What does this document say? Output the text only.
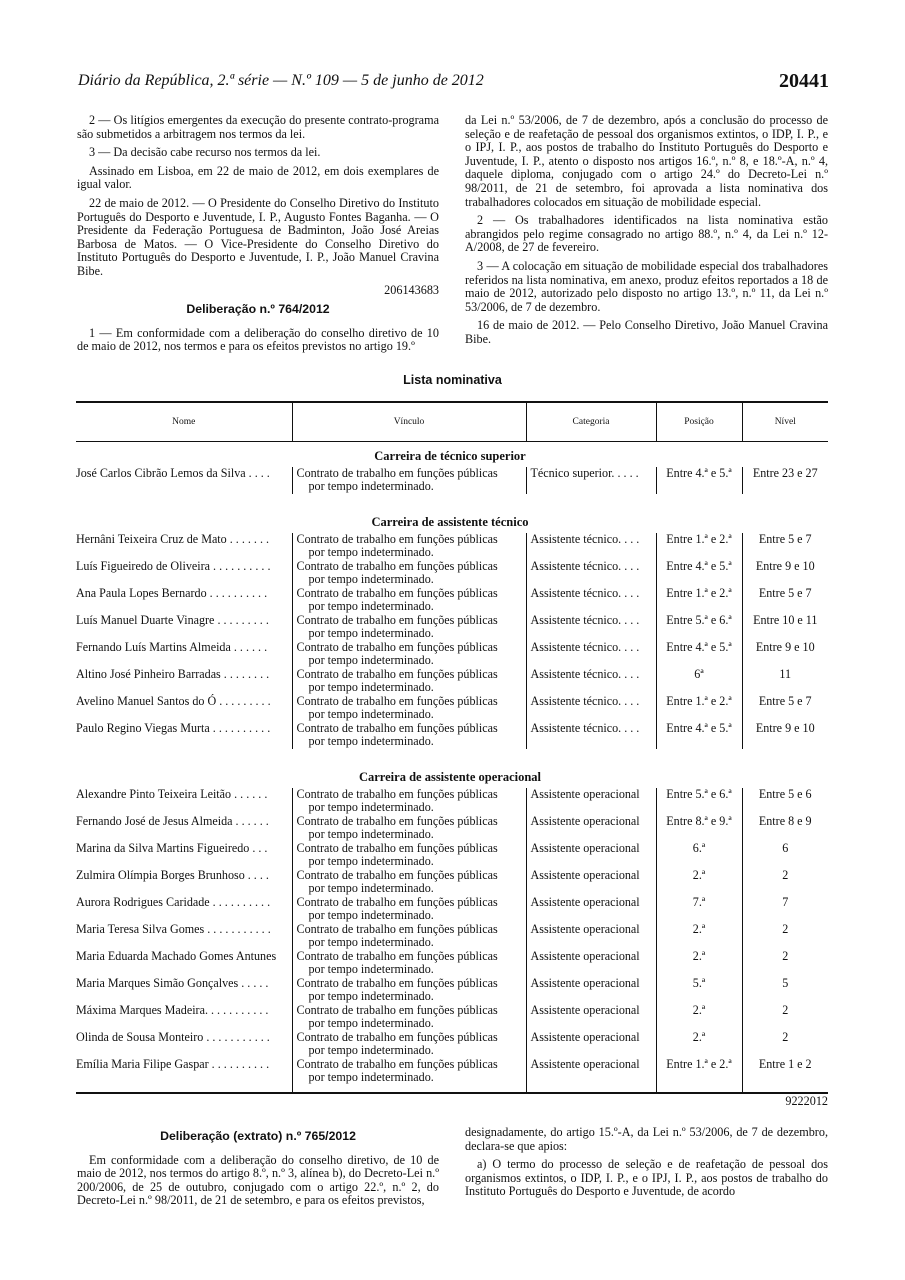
Diário da República, 2.ª série — N.º 109 — 5 de junho de 2012	20441

2 — Os litígios emergentes da execução do presente contrato-programa são submetidos a arbitragem nos termos da lei.

3 — Da decisão cabe recurso nos termos da lei.

Assinado em Lisboa, em 22 de maio de 2012, em dois exemplares de igual valor.

22 de maio de 2012. — O Presidente do Conselho Diretivo do Instituto Português do Desporto e Juventude, I. P., Augusto Fontes Baganha. — O Presidente da Federação Portuguesa de Badminton, João José Areias Barbosa de Matos. — O Vice-Presidente do Conselho Diretivo do Instituto Português do Desporto e Juventude, I. P., João Manuel Cravina Bibe.

206143683
Deliberação n.º 764/2012

1 — Em conformidade com a deliberação do conselho diretivo de 10 de maio de 2012, nos termos e para os efeitos previstos no artigo 19.º

da Lei n.º 53/2006, de 7 de dezembro, após a conclusão do processo de seleção e de reafetação de pessoal dos organismos extintos, o IDP, I. P., e o IPJ, I. P., aos postos de trabalho do Instituto Português do Desporto e Juventude, I. P., atento o disposto nos artigos 16.º, n.º 8, e 18.º-A, n.º 4, daquele diploma, conjugado com o artigo 24.º do Decreto-Lei n.º 98/2011, de 21 de setembro, foi aprovada a lista nominativa dos trabalhadores colocados em situação de mobilidade especial.

2 — Os trabalhadores identificados na lista nominativa estão abrangidos pelo regime consagrado no artigo 88.º, n.º 4, da Lei n.º 12-A/2008, de 27 de fevereiro.

3 — A colocação em situação de mobilidade especial dos trabalhadores referidos na lista nominativa, em anexo, produz efeitos reportados a 18 de maio de 2012, autorizado pelo disposto no artigo 13.º, n.º 11, da Lei n.º 53/2006, de 7 de dezembro.

16 de maio de 2012. — Pelo Conselho Diretivo, João Manuel Cravina Bibe.

Lista nominativa
Nome	Vínculo	Categoria	Posição	Nível
Carreira de técnico superior				
José Carlos Cibrão Lemos da Silva . . . .	Contrato de trabalho em funções públicas
por tempo indeterminado.	Técnico superior. . . . .	Entre 4.ª e 5.ª	Entre 23 e 27

Carreira de assistente técnico				
Hernâni Teixeira Cruz de Mato . . . . . . .	Contrato de trabalho em funções públicas
por tempo indeterminado.	Assistente técnico. . . .	Entre 1.ª e 2.ª	Entre 5 e 7
Luís Figueiredo de Oliveira . . . . . . . . . .	Contrato de trabalho em funções públicas
por tempo indeterminado.	Assistente técnico. . . .	Entre 4.ª e 5.ª	Entre 9 e 10
Ana Paula Lopes Bernardo . . . . . . . . . .	Contrato de trabalho em funções públicas
por tempo indeterminado.	Assistente técnico. . . .	Entre 1.ª e 2.ª	Entre 5 e 7
Luís Manuel Duarte Vinagre . . . . . . . . .	Contrato de trabalho em funções públicas
por tempo indeterminado.	Assistente técnico. . . .	Entre 5.ª e 6.ª	Entre 10 e 11
Fernando Luís Martins Almeida . . . . . .	Contrato de trabalho em funções públicas
por tempo indeterminado.	Assistente técnico. . . .	Entre 4.ª e 5.ª	Entre 9 e 10
Altino José Pinheiro Barradas . . . . . . . .	Contrato de trabalho em funções públicas
por tempo indeterminado.	Assistente técnico. . . .	6ª	11
Avelino Manuel Santos do Ó . . . . . . . . .	Contrato de trabalho em funções públicas
por tempo indeterminado.	Assistente técnico. . . .	Entre 1.ª e 2.ª	Entre 5 e 7
Paulo Regino Viegas Murta . . . . . . . . . .	Contrato de trabalho em funções públicas
por tempo indeterminado.	Assistente técnico. . . .	Entre 4.ª e 5.ª	Entre 9 e 10

Carreira de assistente operacional				
Alexandre Pinto Teixeira Leitão . . . . . .	Contrato de trabalho em funções públicas
por tempo indeterminado.	Assistente operacional	Entre 5.ª e 6.ª	Entre 5 e 6
Fernando José de Jesus Almeida . . . . . .	Contrato de trabalho em funções públicas
por tempo indeterminado.	Assistente operacional	Entre 8.ª e 9.ª	Entre 8 e 9
Marina da Silva Martins Figueiredo . . .	Contrato de trabalho em funções públicas
por tempo indeterminado.	Assistente operacional	6.ª	6
Zulmira Olímpia Borges Brunhoso . . . .	Contrato de trabalho em funções públicas
por tempo indeterminado.	Assistente operacional	2.ª	2
Aurora Rodrigues Caridade . . . . . . . . . .	Contrato de trabalho em funções públicas
por tempo indeterminado.	Assistente operacional	7.ª	7
Maria Teresa Silva Gomes . . . . . . . . . . .	Contrato de trabalho em funções públicas
por tempo indeterminado.	Assistente operacional	2.ª	2
Maria Eduarda Machado Gomes Antunes	Contrato de trabalho em funções públicas
por tempo indeterminado.	Assistente operacional	2.ª	2
Maria Marques Simão Gonçalves . . . . .	Contrato de trabalho em funções públicas
por tempo indeterminado.	Assistente operacional	5.ª	5
Máxima Marques Madeira. . . . . . . . . . .	Contrato de trabalho em funções públicas
por tempo indeterminado.	Assistente operacional	2.ª	2
Olinda de Sousa Monteiro . . . . . . . . . . .	Contrato de trabalho em funções públicas
por tempo indeterminado.	Assistente operacional	2.ª	2
Emília Maria Filipe Gaspar . . . . . . . . . .	Contrato de trabalho em funções públicas
por tempo indeterminado.	Assistente operacional	Entre 1.ª e 2.ª	Entre 1 e 2
9222012
Deliberação (extrato) n.º 765/2012

Em conformidade com a deliberação do conselho diretivo, de 10 de maio de 2012, nos termos do artigo 8.º, n.º 3, alínea b), do Decreto-Lei n.º 200/2006, de 25 de outubro, conjugado com o artigo 22.º, n.º 2, do Decreto-Lei n.º 98/2011, de 21 de setembro, e para os efeitos previstos,

designadamente, do artigo 15.º-A, da Lei n.º 53/2006, de 7 de dezembro, declara-se que apios:

a) O termo do processo de seleção e de reafetação de pessoal dos organismos extintos, o IDP, I. P., e o IPJ, I. P., aos postos de trabalho do Instituto Português do Desporto e Juventude, de acordo
